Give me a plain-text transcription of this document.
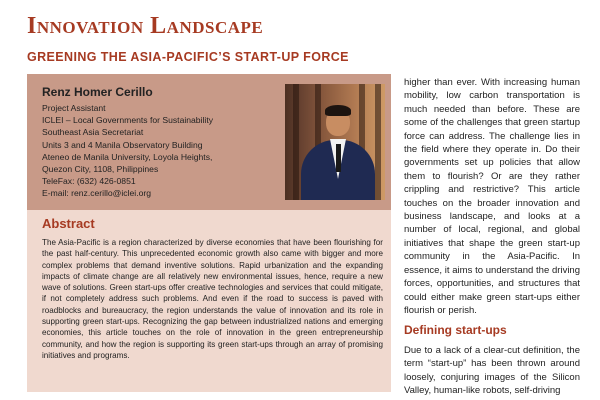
Innovation Landscape
GREENING THE ASIA-PACIFIC’S START-UP FORCE
Renz Homer Cerillo
Project Assistant
ICLEI – Local Governments for Sustainability
Southeast Asia Secretariat
Units 3 and 4 Manila Observatory Building
Ateneo de Manila University, Loyola Heights,
Quezon City, 1108, Philippines
TeleFax: (632) 426-0851
E-mail: renz.cerillo@iclei.org
Abstract

The Asia-Pacific is a region characterized by diverse economies that have been flourishing for the past half-century. This unprecedented economic growth also came with bigger and more complex problems that demand inventive solutions. Rapid urbanization and the expanding impacts of climate change are all relatively new environmental issues, hence, require a new wave of solutions. Green start-ups offer creative technologies and services that could mitigate, if not completely address such problems. And even if the road to success is paved with roadblocks and bureaucracy, the region understands the value of innovation and its role in supporting green start-ups. Recognizing the gap between industrialized nations and emerging economies, this article touches on the role of innovation in the green entrepreneurship community, and how the region is supporting its green start-ups through an array of promising initiatives and programs.

higher than ever. With increasing human mobility, low carbon transportation is much needed than before. These are some of the challenges that green startup force can address. The challenge lies in the field where they operate in. Do their governments set up policies that allow them to flourish? Or are they rather crippling and restrictive? This article touches on the broader innovation and business landscape, and looks at a number of local, regional, and global initiatives that shape the green start-up community in the Asia-Pacific. In essence, it aims to understand the driving forces, opportunities, and structures that could either make green start-ups either flourish or perish.

Defining start-ups

Due to a lack of a clear-cut definition, the term “start-up” has been thrown around loosely, conjuring images of the Silicon Valley, human-like robots, self-driving
